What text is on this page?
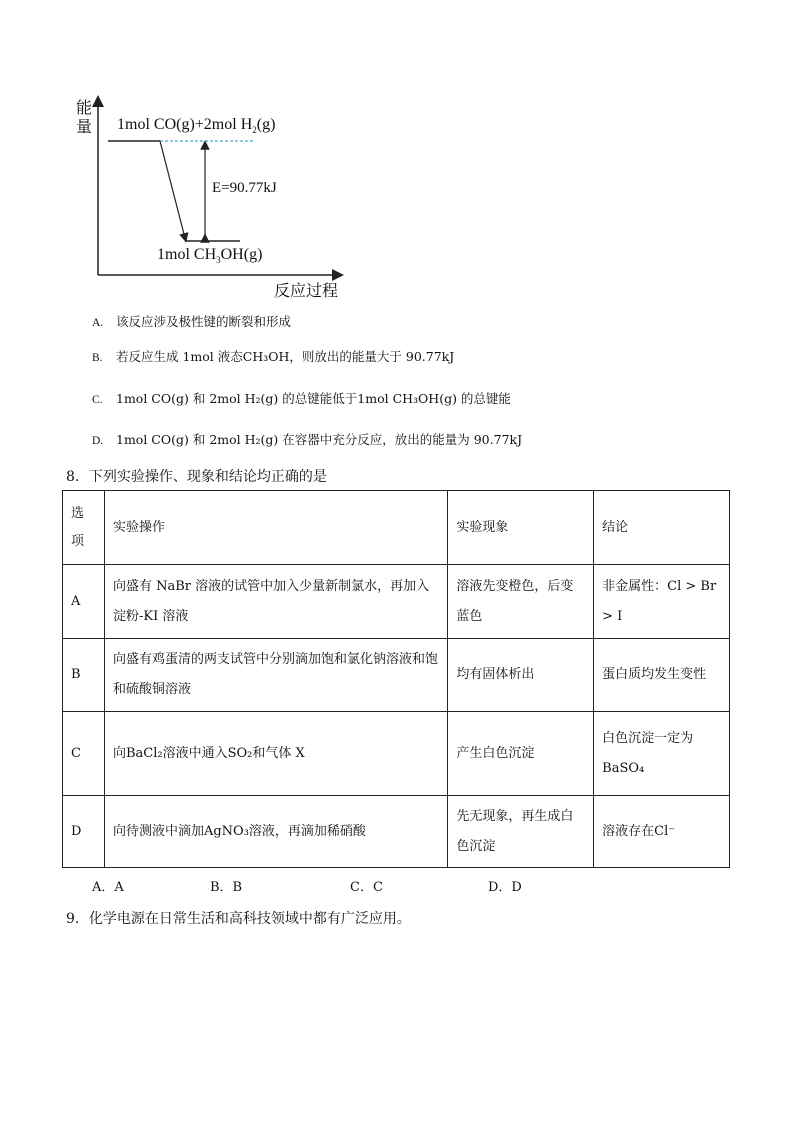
能量 1mol CO(g)+2mol $H_2(g)$
E=90.77kJ
1mol $CH_3OH(g)$
反应过程
A. 该反应涉及极性键的断裂和形成
B. 若反应生成 1mol 液态CH₃OH，则放出的能量大于 90.77kJ
C. 1mol CO(g) 和 2mol H₂(g) 的总键能低于1mol CH₃OH(g) 的总键能
D. 1mol CO(g) 和 2mol H₂(g) 在容器中充分反应，放出的能量为 90.77kJ
8．下列实验操作、现象和结论均正确的是
选项	实验操作	实验现象	结论
A	向盛有 NaBr 溶液的试管中加入少量新制氯水，再加入淀粉-KI 溶液	溶液先变橙色，后变蓝色	非金属性：Cl > Br > I
B	向盛有鸡蛋清的两支试管中分别滴加饱和氯化钠溶液和饱和硫酸铜溶液	均有固体析出	蛋白质均发生变性
C	向BaCl₂溶液中通入SO₂和气体 X	产生白色沉淀	白色沉淀一定为BaSO₄
D	向待测液中滴加AgNO₃溶液，再滴加稀硝酸	先无现象，再生成白色沉淀	溶液存在Cl⁻
A．A	B．B	C．C	D．D
9．化学电源在日常生活和高科技领域中都有广泛应用。
